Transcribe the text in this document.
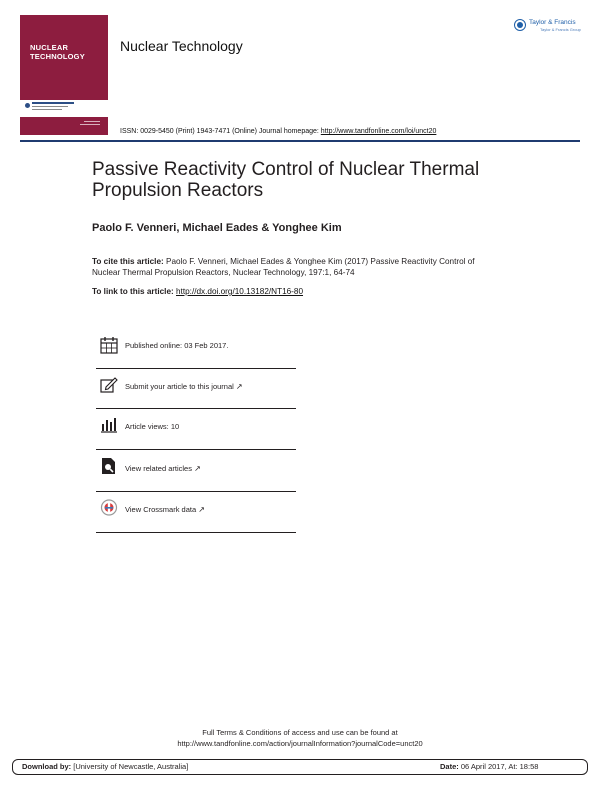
NUCLEAR
TECHNOLOGY
Nuclear Technology
Taylor & Francis
Taylor & Francis Group
ISSN: 0029-5450 (Print) 1943-7471 (Online) Journal homepage: http://www.tandfonline.com/loi/unct20
Passive Reactivity Control of Nuclear Thermal Propulsion Reactors
Paolo F. Venneri, Michael Eades & Yonghee Kim
To cite this article: Paolo F. Venneri, Michael Eades & Yonghee Kim (2017) Passive Reactivity Control of Nuclear Thermal Propulsion Reactors, Nuclear Technology, 197:1, 64-74
To link to this article: http://dx.doi.org/10.13182/NT16-80
Published online: 03 Feb 2017.
Submit your article to this journal ↗
Article views: 10
View related articles ↗
View Crossmark data ↗
Full Terms & Conditions of access and use can be found at
http://www.tandfonline.com/action/journalInformation?journalCode=unct20
Download by: [University of Newcastle, Australia]	Date: 06 April 2017, At: 18:58
